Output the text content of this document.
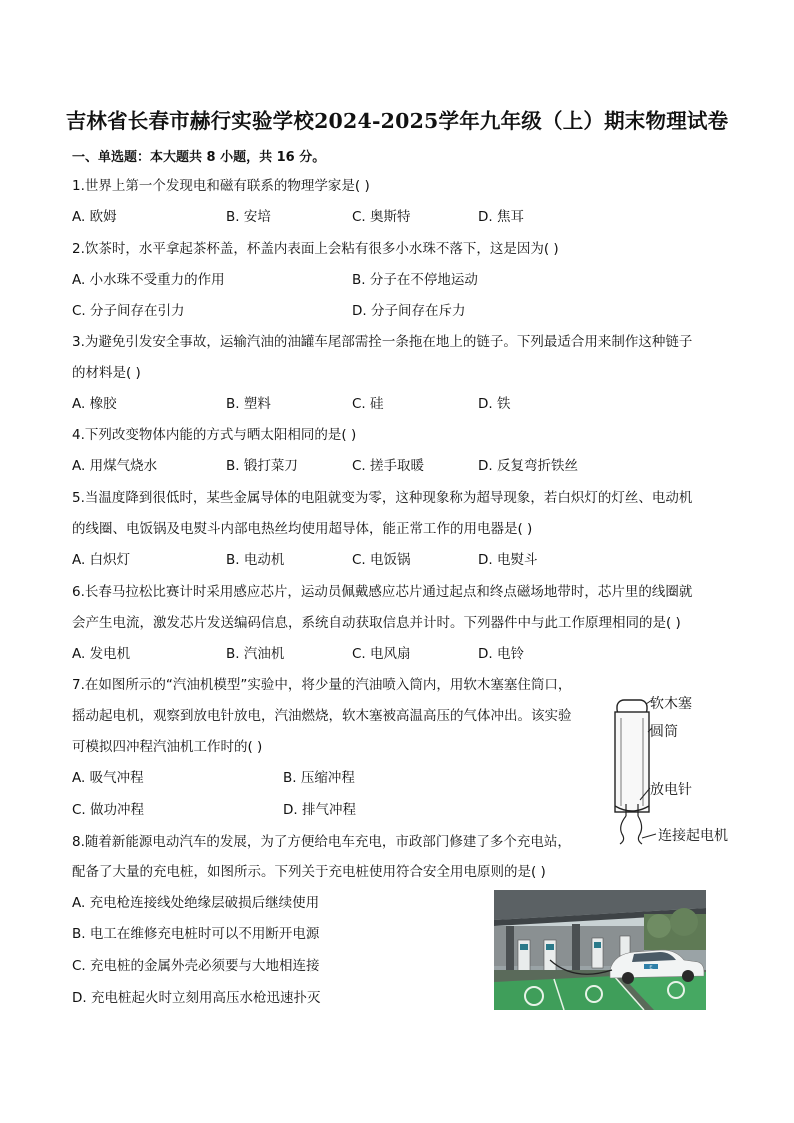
吉林省长春市赫行实验学校2024-2025学年九年级（上）期末物理试卷
一、单选题：本大题共 8 小题，共 16 分。
1.世界上第一个发现电和磁有联系的物理学家是( )
A. 欧姆	B. 安培	C. 奥斯特	D. 焦耳
2.饮茶时，水平拿起茶杯盖，杯盖内表面上会粘有很多小水珠不落下，这是因为( )
A. 小水珠不受重力的作用	B. 分子在不停地运动
C. 分子间存在引力	D. 分子间存在斥力
3.为避免引发安全事故，运输汽油的油罐车尾部需拴一条拖在地上的链子。下列最适合用来制作这种链子
的材料是( )
A. 橡胶	B. 塑料	C. 硅	D. 铁
4.下列改变物体内能的方式与晒太阳相同的是( )
A. 用煤气烧水	B. 锻打菜刀	C. 搓手取暖	D. 反复弯折铁丝
5.当温度降到很低时，某些金属导体的电阻就变为零，这种现象称为超导现象，若白炽灯的灯丝、电动机
的线圈、电饭锅及电熨斗内部电热丝均使用超导体，能正常工作的用电器是( )
A. 白炽灯	B. 电动机	C. 电饭锅	D. 电熨斗
6.长春马拉松比赛计时采用感应芯片，运动员佩戴感应芯片通过起点和终点磁场地带时，芯片里的线圈就
会产生电流，激发芯片发送编码信息，系统自动获取信息并计时。下列器件中与此工作原理相同的是( )
A. 发电机	B. 汽油机	C. 电风扇	D. 电铃
7.在如图所示的“汽油机模型”实验中，将少量的汽油喷入筒内，用软木塞塞住筒口，
摇动起电机，观察到放电针放电，汽油燃烧，软木塞被高温高压的气体冲出。该实验
可模拟四冲程汽油机工作时的( )
A. 吸气冲程	B. 压缩冲程
C. 做功冲程	D. 排气冲程
软木塞
圆筒
放电针
连接起电机
8.随着新能源电动汽车的发展，为了方便给电车充电，市政部门修建了多个充电站，
配备了大量的充电桩，如图所示。下列关于充电桩使用符合安全用电原则的是( )
A. 充电枪连接线处绝缘层破损后继续使用
B. 电工在维修充电桩时可以不用断开电源
C. 充电桩的金属外壳必须要与大地相连接
D. 充电桩起火时立刻用高压水枪迅速扑灭
E
